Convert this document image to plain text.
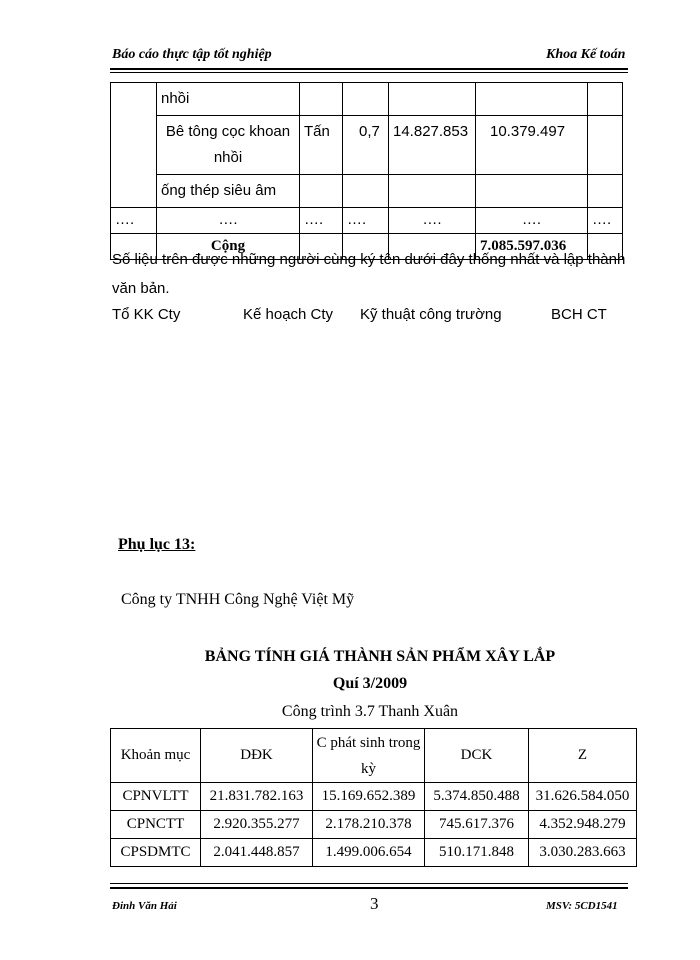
Báo cáo thực tập tốt nghiệp	Khoa Kế toán

	nhồi					

	Bê tông cọc khoan nhồi	Tấn	0,7	14.827.853	10.379.497	

	ống thép siêu âm					

….	….	….	….	….	….	….

	Cộng				7.085.597.036	

Số liệu trên được những người cùng ký tên dưới đây thống nhất và lập thành
văn bản.
Tổ KK Cty	Kế hoạch Cty Kỹ thuật công trường	BCH CT
Phụ lục 13:
Công ty TNHH Công Nghệ Việt Mỹ
BẢNG TÍNH GIÁ THÀNH SẢN PHẨM XÂY LẮP
Quí 3/2009
Công trình 3.7 Thanh Xuân
Khoản mục	DĐK	C phát sinh trong kỳ	DCK	Z
CPNVLTT	21.831.782.163	15.169.652.389	5.374.850.488	31.626.584.050
CPNCTT	2.920.355.277	2.178.210.378	745.617.376	4.352.948.279
CPSDMTC	2.041.448.857	1.499.006.654	510.171.848	3.030.283.663
Đinh Văn Hải	3	MSV: 5CD1541
